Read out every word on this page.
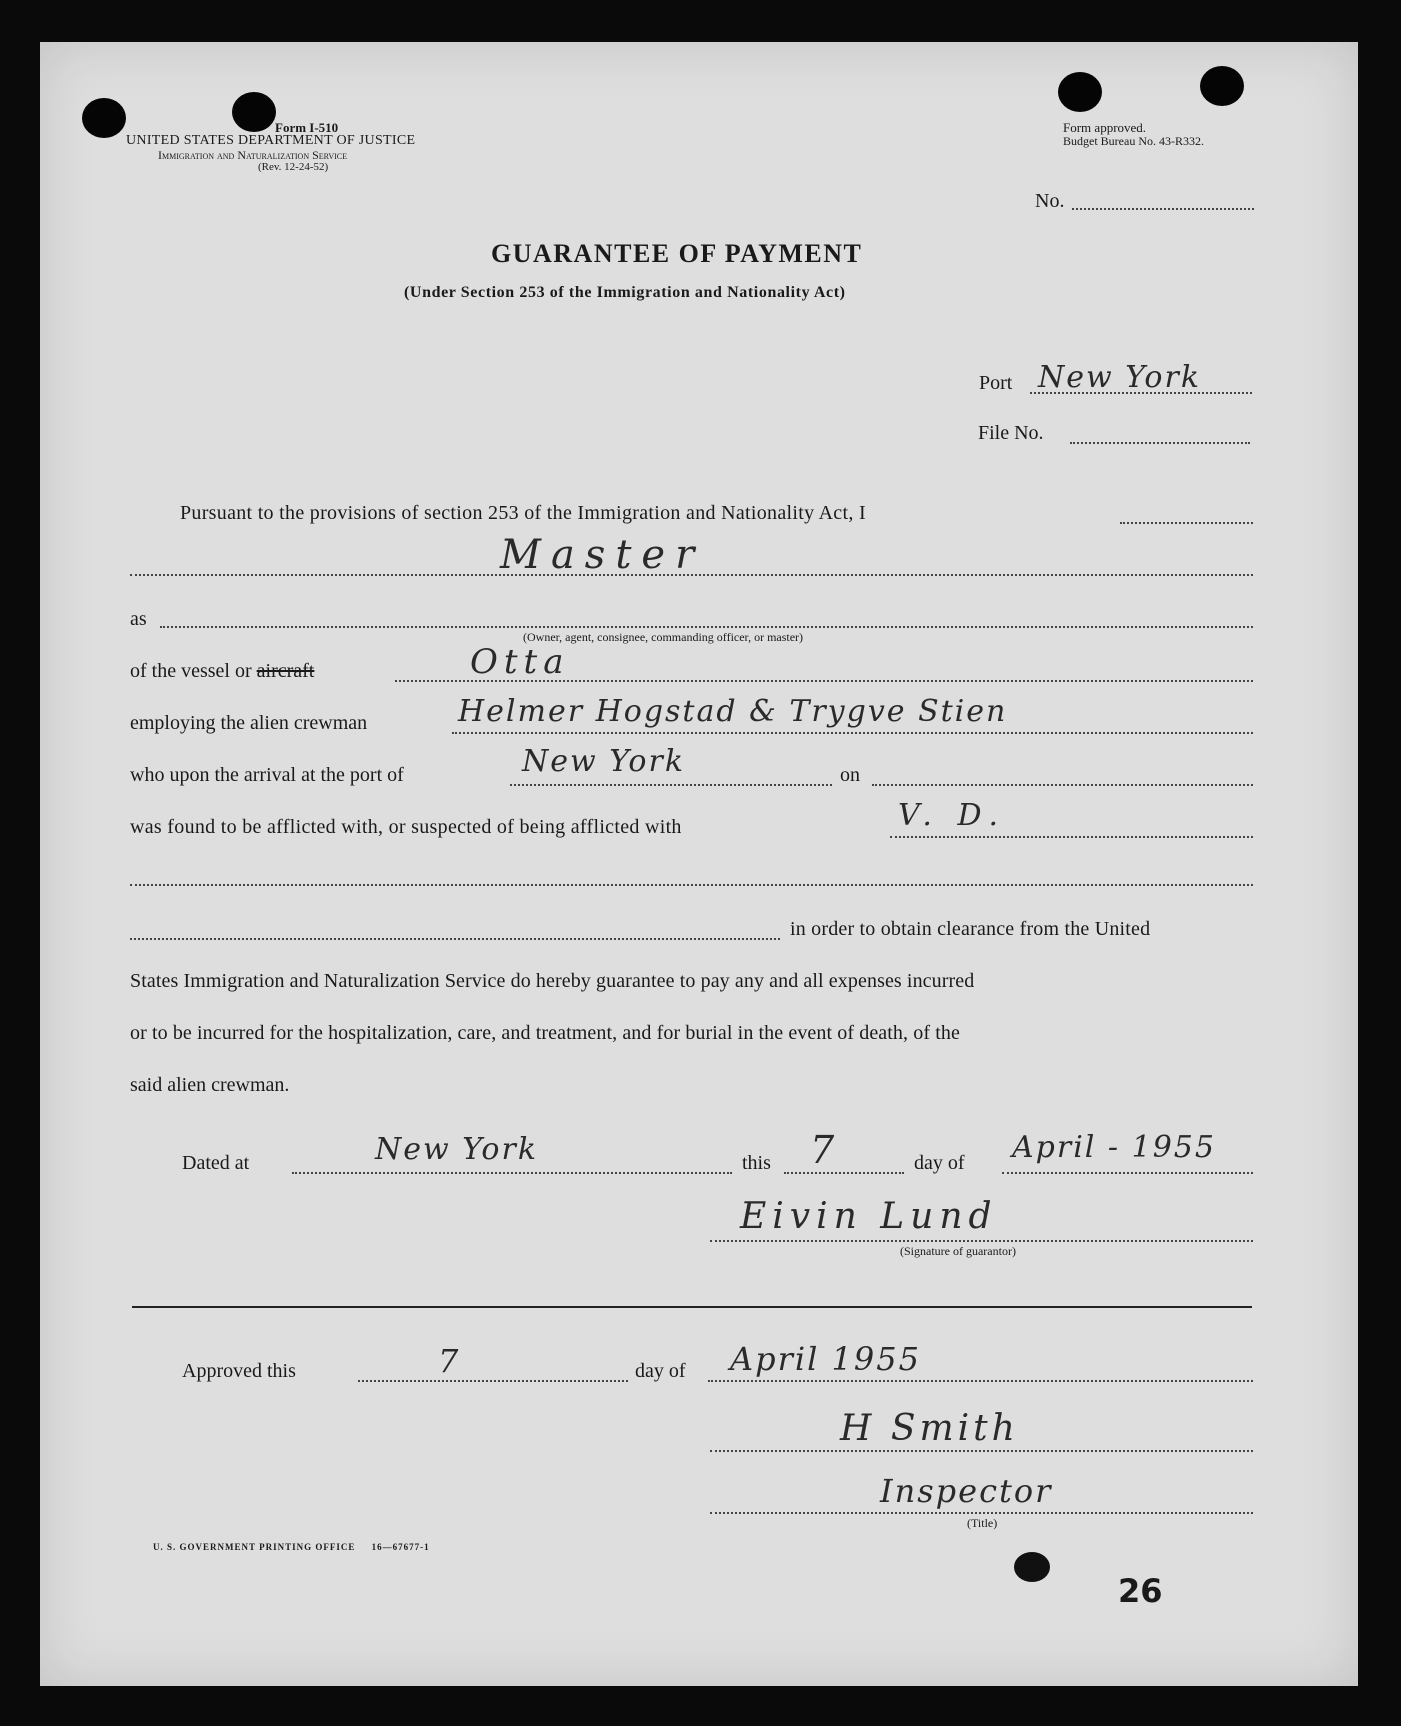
Form I-510
UNITED STATES DEPARTMENT OF JUSTICE
Immigration and Naturalization Service
(Rev. 12-24-52)
Form approved.
Budget Bureau No. 43-R332.
No.
GUARANTEE OF PAYMENT
(Under Section 253 of the Immigration and Nationality Act)
Port New York
File No.
Pursuant to the provisions of section 253 of the Immigration and Nationality Act, I
Master
as
(Owner, agent, consignee, commanding officer, or master)
of the vessel or aircraft	Otta
employing the alien crewman	Helmer Hogstad & Trygve Stien
who upon the arrival at the port of	New York	on
was found to be afflicted with, or suspected of being afflicted with	V. D.
in order to obtain clearance from the United
States Immigration and Naturalization Service do hereby guarantee to pay any and all expenses incurred
or to be incurred for the hospitalization, care, and treatment, and for burial in the event of death, of the
said alien crewman.
Dated at	New York	this 7	day of April - 1955
Eivin Lund
(Signature of guarantor)
Approved this	7	day of April 1955
H Smith
Inspector
(Title)
U. S. GOVERNMENT PRINTING OFFICE     16—67677-1
26
